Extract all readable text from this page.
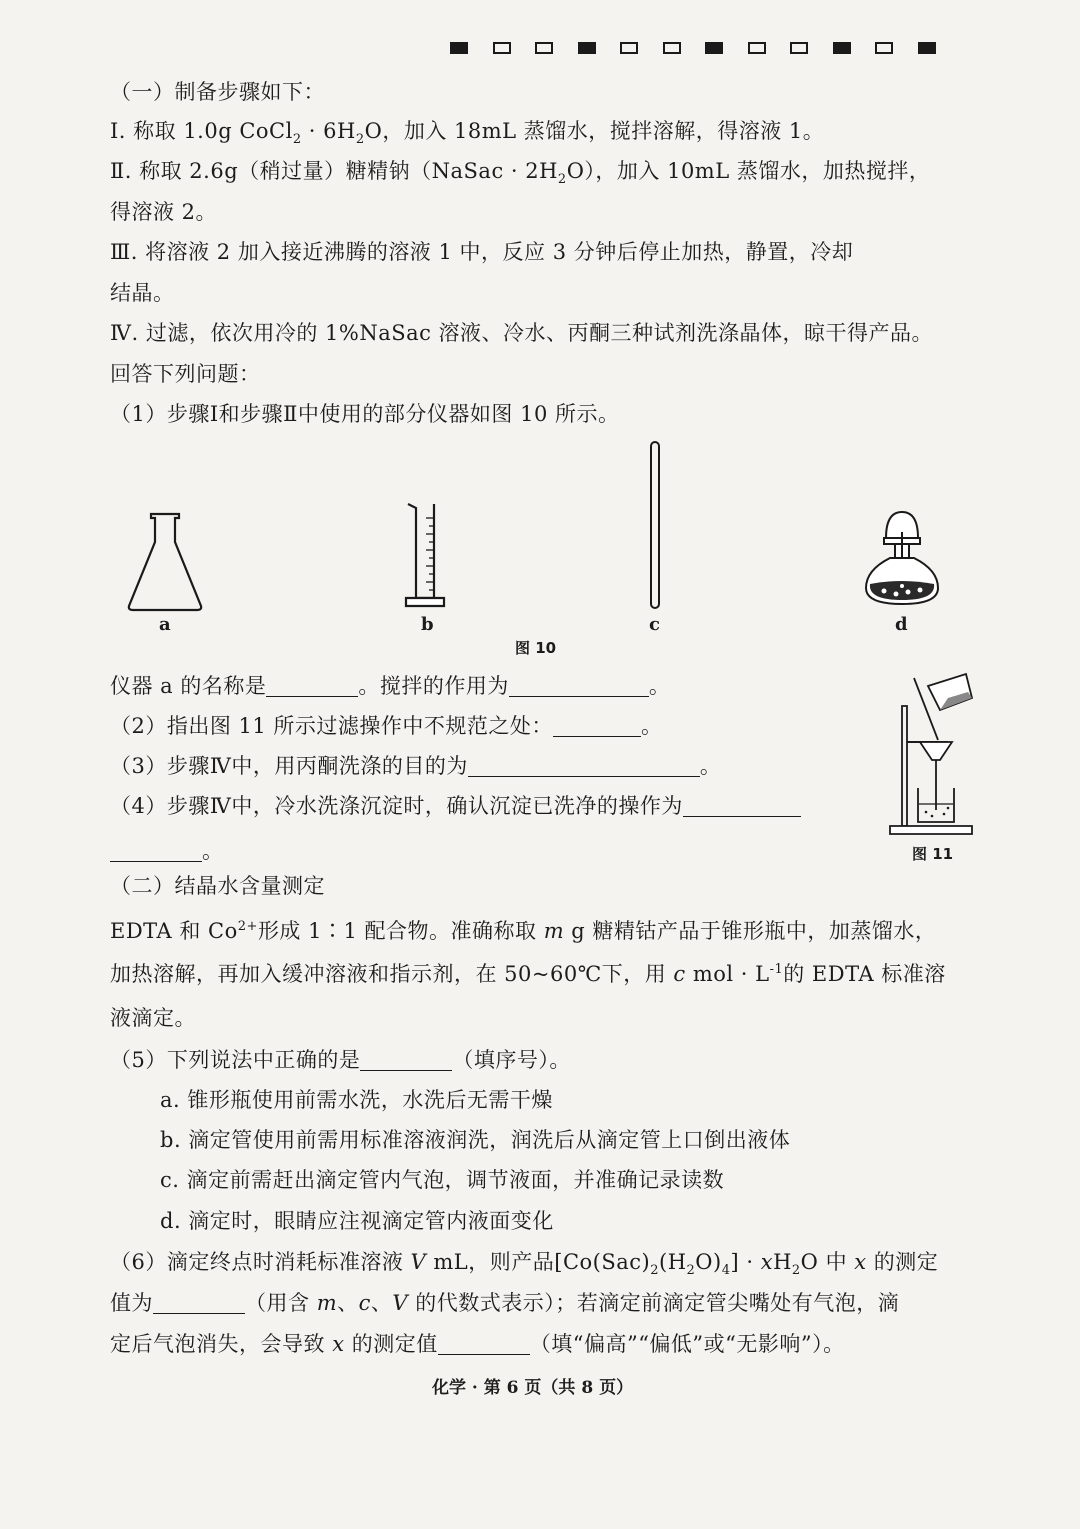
（一）制备步骤如下：
Ⅰ. 称取 1.0g CoCl$_2$ · $6H_2O$，加入 18mL 蒸馏水，搅拌溶解，得溶液 1。
Ⅱ. 称取 2.6g（稍过量）糖精钠（NaSac · $2H_2O$），加入 10mL 蒸馏水，加热搅拌，
得溶液 2。
Ⅲ. 将溶液 2 加入接近沸腾的溶液 1 中，反应 3 分钟后停止加热，静置，冷却
结晶。
Ⅳ. 过滤，依次用冷的 1%NaSac 溶液、冷水、丙酮三种试剂洗涤晶体，晾干得产品。
回答下列问题：
（1）步骤Ⅰ和步骤Ⅱ中使用的部分仪器如图 10 所示。
a	b	c	d
图 10
仪器 a 的名称是	。搅拌的作用为	。
（2）指出图 11 所示过滤操作中不规范之处：	。
（3）步骤Ⅳ中，用丙酮洗涤的目的为	。
（4）步骤Ⅳ中，冷水洗涤沉淀时，确认沉淀已洗净的操作为
。	图 11
（二）结晶水含量测定
EDTA 和 $Co^{2+}$形成 1∶1 配合物。准确称取 m g 糖精钴产品于锥形瓶中，加蒸馏水，
加热溶解，再加入缓冲溶液和指示剂，在 50~60℃下，用 c mol · $L^{-1}$的 EDTA 标准溶
液滴定。
（5）下列说法中正确的是	（填序号）。
a. 锥形瓶使用前需水洗，水洗后无需干燥
b. 滴定管使用前需用标准溶液润洗，润洗后从滴定管上口倒出液体
c. 滴定前需赶出滴定管内气泡，调节液面，并准确记录读数
d. 滴定时，眼睛应注视滴定管内液面变化
（6）滴定终点时消耗标准溶液 V mL，则产品$[Co(Sac)_2(H_2O)_4] \cdot xH_2O$ 中 x 的测定
值为	（用含 m、c、V 的代数式表示）；若滴定前滴定管尖嘴处有气泡，滴
定后气泡消失，会导致 x 的测定值	（填“偏高”“偏低”或“无影响”）。
化学 · 第 6 页（共 8 页）
